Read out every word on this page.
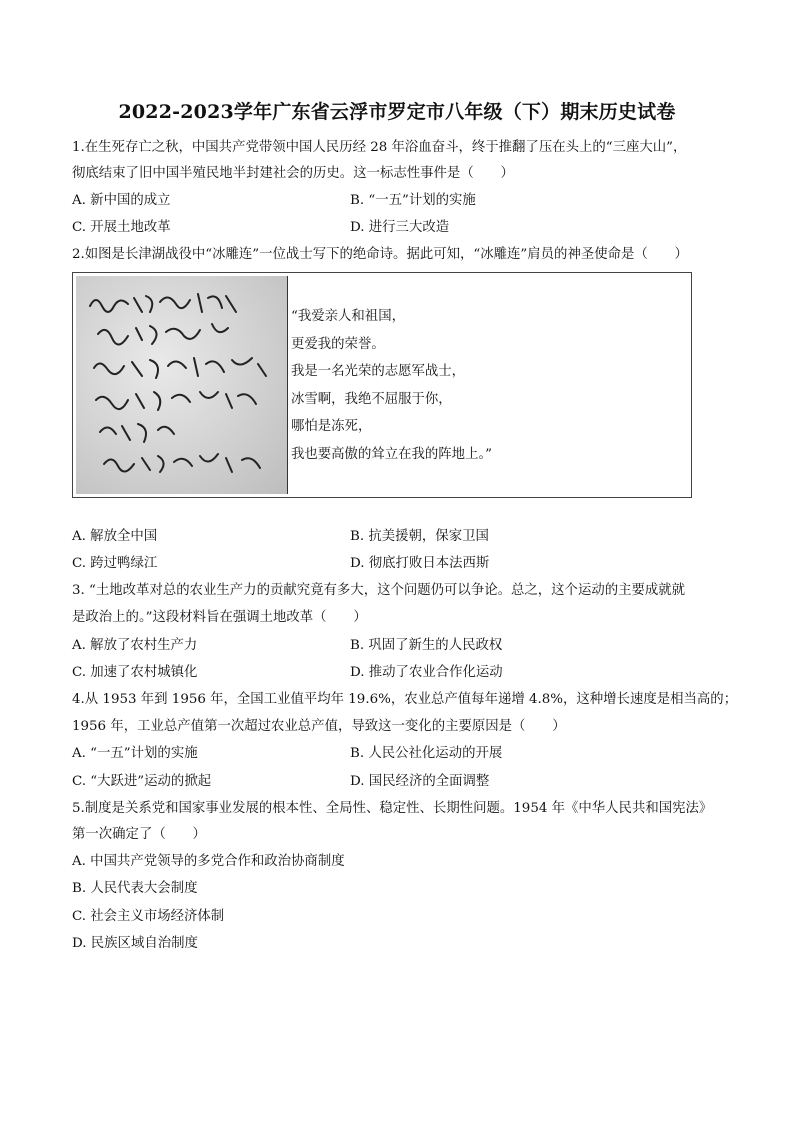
2022-2023学年广东省云浮市罗定市八年级（下）期末历史试卷
1.在生死存亡之秋，中国共产党带领中国人民历经 28 年浴血奋斗，终于推翻了压在头上的“三座大山”，
彻底结束了旧中国半殖民地半封建社会的历史。这一标志性事件是（　　）
A. 新中国的成立	B. “一五”计划的实施
C. 开展土地改革	D. 进行三大改造
2.如图是长津湖战役中“冰雕连”一位战士写下的绝命诗。据此可知，“冰雕连”肩员的神圣使命是（　　）
“我爱亲人和祖国，
更爱我的荣誉。
我是一名光荣的志愿军战士，
冰雪啊，我绝不屈服于你，
哪怕是冻死，
我也要高傲的耸立在我的阵地上。”
A. 解放全中国	B. 抗美援朝，保家卫国
C. 跨过鸭绿江	D. 彻底打败日本法西斯
3. “土地改革对总的农业生产力的贡献究竟有多大，这个问题仍可以争论。总之，这个运动的主要成就就
是政治上的。”这段材料旨在强调土地改革（　　）
A. 解放了农村生产力	B. 巩固了新生的人民政权
C. 加速了农村城镇化	D. 推动了农业合作化运动
4.从 1953 年到 1956 年，全国工业值平均年 19.6%，农业总产值每年递增 4.8%，这种增长速度是相当高的；
1956 年，工业总产值第一次超过农业总产值，导致这一变化的主要原因是（　　）
A. “一五”计划的实施	B. 人民公社化运动的开展
C. “大跃进”运动的掀起	D. 国民经济的全面调整
5.制度是关系党和国家事业发展的根本性、全局性、稳定性、长期性问题。1954 年《中华人民共和国宪法》
第一次确定了（　　）
A. 中国共产党领导的多党合作和政治协商制度
B. 人民代表大会制度
C. 社会主义市场经济体制
D. 民族区域自治制度
